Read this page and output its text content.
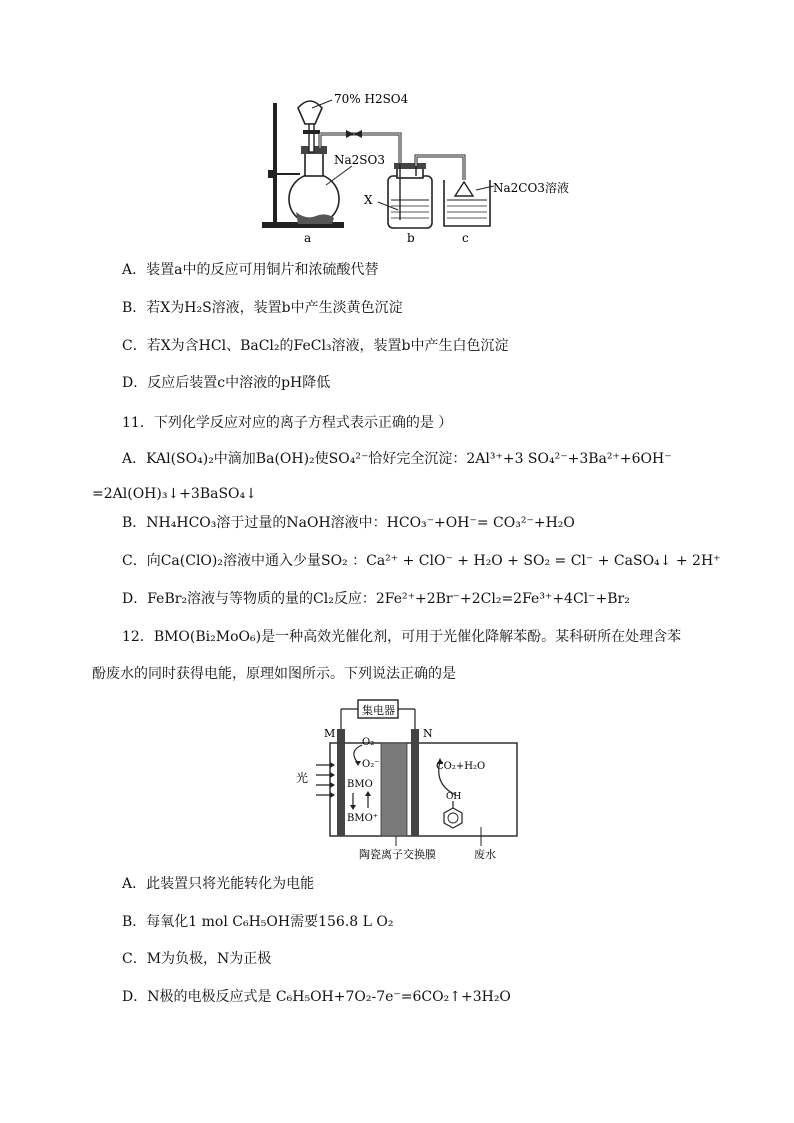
70% H2SO4
Na2SO3
X
Na2CO3溶液
a	b	c
A．装置a中的反应可用铜片和浓硫酸代替
B．若X为H₂S溶液，装置b中产生淡黄色沉淀
C．若X为含HCl、BaCl₂的FeCl₃溶液，装置b中产生白色沉淀
D．反应后装置c中溶液的pH降低
11．下列化学反应对应的离子方程式表示正确的是 ）
A．KAl(SO₄)₂中滴加Ba(OH)₂使SO₄²⁻恰好完全沉淀：2Al³⁺+3 SO₄²⁻+3Ba²⁺+6OH⁻
=2Al(OH)₃↓+3BaSO₄↓
B．NH₄HCO₃溶于过量的NaOH溶液中：HCO₃⁻+OH⁻= CO₃²⁻+H₂O
C．向Ca(ClO)₂溶液中通入少量SO₂ ：Ca²⁺ + ClO⁻ + H₂O + SO₂ = Cl⁻ + CaSO₄↓ + 2H⁺
D．FeBr₂溶液与等物质的量的Cl₂反应：2Fe²⁺+2Br⁻+2Cl₂=2Fe³⁺+4Cl⁻+Br₂
12．BMO(Bi₂MoO₆)是一种高效光催化剂，可用于光催化降解苯酚。某科研所在处理含苯
酚废水的同时获得电能，原理如图所示。下列说法正确的是
集电器
M	N
光
O₂
O₂⁻
BMO
BMO⁺
CO₂+H₂O
OH
陶瓷离子交换膜	废水
A．此装置只将光能转化为电能
B．每氧化1 mol C₆H₅OH需要156.8 L O₂
C．M为负极，N为正极
D．N极的电极反应式是 C₆H₅OH+7O₂-7e⁻=6CO₂↑+3H₂O
